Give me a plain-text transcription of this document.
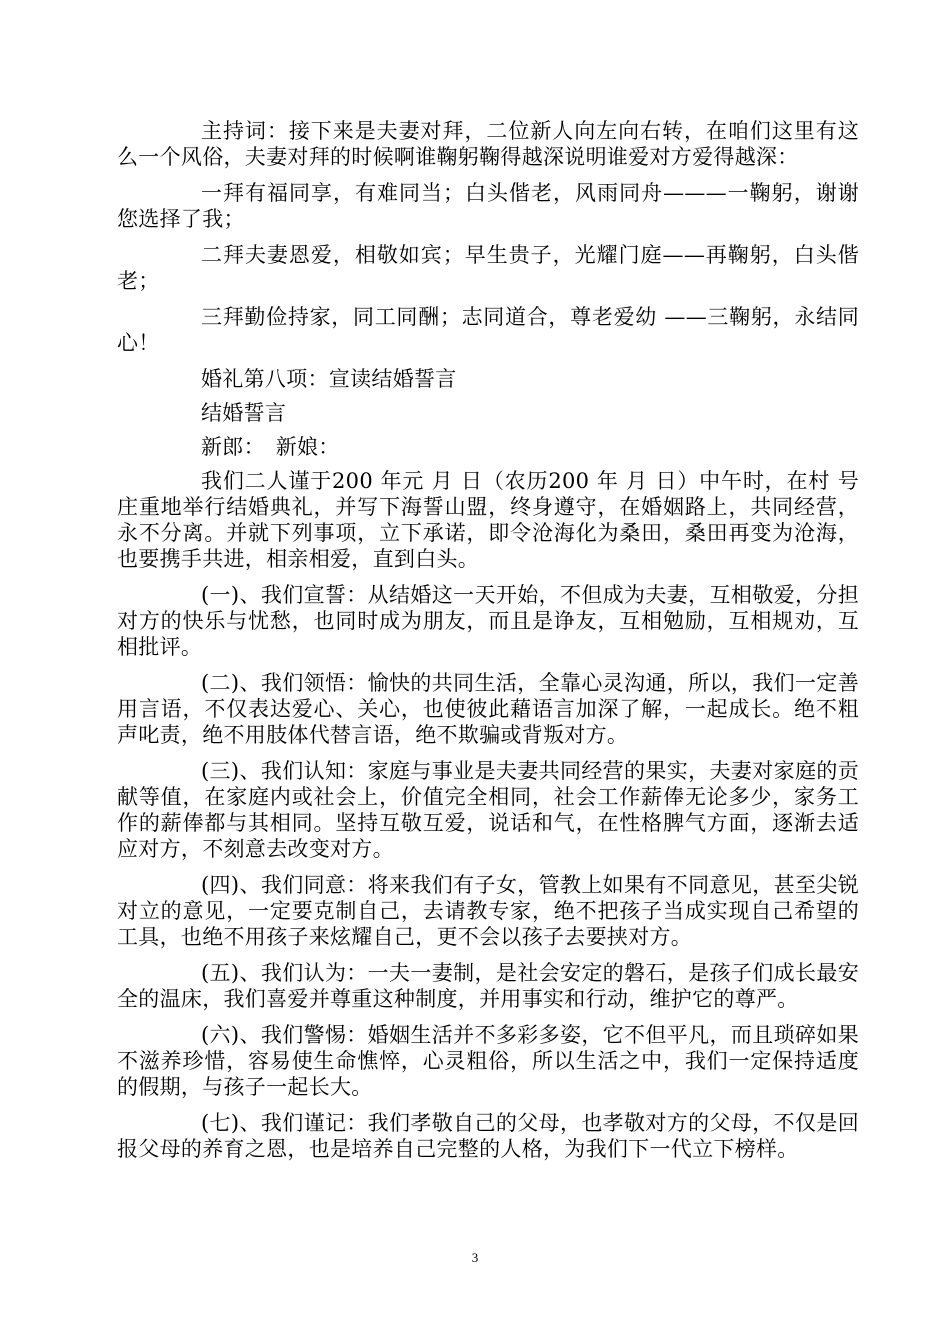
主持词：接下来是夫妻对拜，二位新人向左向右转，在咱们这里有这么一个风俗，夫妻对拜的时候啊谁鞠躬鞠得越深说明谁爱对方爱得越深：

一拜有福同享，有难同当；白头偕老，风雨同舟———一鞠躬，谢谢您选择了我；

二拜夫妻恩爱，相敬如宾；早生贵子，光耀门庭——再鞠躬，白头偕老；

三拜勤俭持家，同工同酬；志同道合，尊老爱幼 ——三鞠躬，永结同心！

婚礼第八项：宣读结婚誓言

结婚誓言

新郎：　新娘：

我们二人谨于200 年元 月 日（农历200 年 月 日）中午时，在村 号庄重地举行结婚典礼，并写下海誓山盟，终身遵守，在婚姻路上，共同经营，永不分离。并就下列事项，立下承诺，即令沧海化为桑田，桑田再变为沧海，也要携手共进，相亲相爱，直到白头。

(一)、我们宣誓：从结婚这一天开始，不但成为夫妻，互相敬爱，分担对方的快乐与忧愁，也同时成为朋友，而且是诤友，互相勉励，互相规劝，互相批评。

(二)、我们领悟：愉快的共同生活，全靠心灵沟通，所以，我们一定善用言语，不仅表达爱心、关心，也使彼此藉语言加深了解，一起成长。绝不粗声叱责，绝不用肢体代替言语，绝不欺骗或背叛对方。

(三)、我们认知：家庭与事业是夫妻共同经营的果实，夫妻对家庭的贡献等值，在家庭内或社会上，价值完全相同，社会工作薪俸无论多少，家务工作的薪俸都与其相同。坚持互敬互爱，说话和气，在性格脾气方面，逐渐去适应对方，不刻意去改变对方。

(四)、我们同意：将来我们有子女，管教上如果有不同意见，甚至尖锐对立的意见，一定要克制自己，去请教专家，绝不把孩子当成实现自己希望的工具，也绝不用孩子来炫耀自己，更不会以孩子去要挟对方。

(五)、我们认为：一夫一妻制，是社会安定的磐石，是孩子们成长最安全的温床，我们喜爱并尊重这种制度，并用事实和行动，维护它的尊严。

(六)、我们警惕：婚姻生活并不多彩多姿，它不但平凡，而且琐碎如果不滋养珍惜，容易使生命憔悴，心灵粗俗，所以生活之中，我们一定保持适度的假期，与孩子一起长大。

(七)、我们谨记：我们孝敬自己的父母，也孝敬对方的父母，不仅是回报父母的养育之恩，也是培养自己完整的人格，为我们下一代立下榜样。

3
